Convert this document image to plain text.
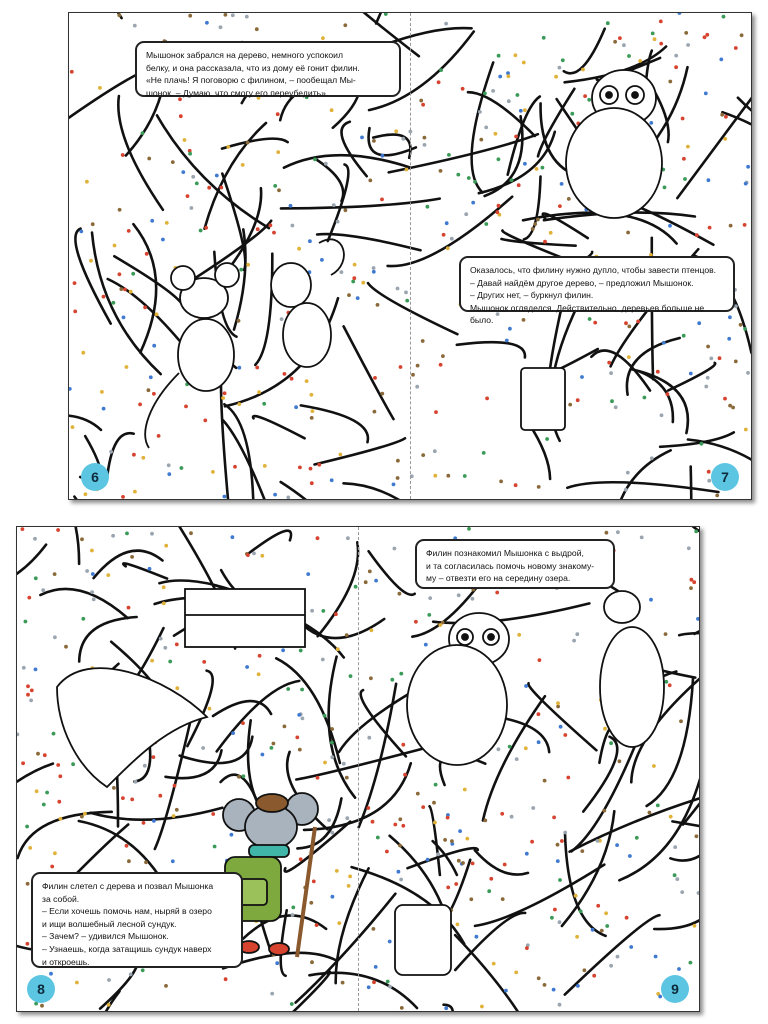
Мышонок забрался на дерево, немного успокоил

белку, и она рассказала, что из дому её гонит филин.

«Не плачь! Я поговорю с филином, – пообещал Мы-

шонок. – Думаю, что смогу его переубедить».

Оказалось, что филину нужно дупло, чтобы завести птенцов.

– Давай найдём другое дерево, – предложил Мышонок.

– Других нет, – буркнул филин.

Мышонок огляделся. Действительно, деревьев больше не было.

6	7

Филин слетел с дерева и позвал Мышонка

за собой.

– Если хочешь помочь нам, ныряй в озеро

и ищи волшебный лесной сундук.

– Зачем? – удивился Мышонок.

– Узнаешь, когда затащишь сундук наверх

и откроешь.

Филин познакомил Мышонка с выдрой,

и та согласилась помочь новому знакому-

му – отвезти его на середину озера.

8	9
